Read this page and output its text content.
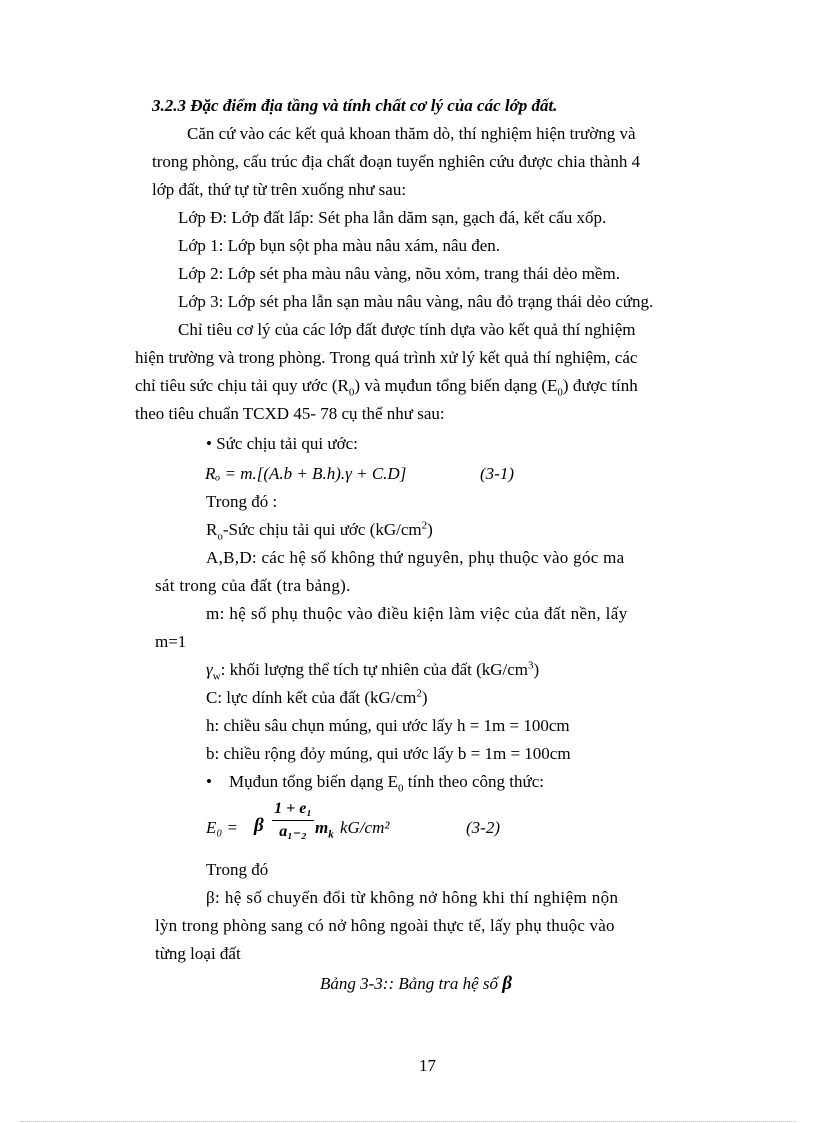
3.2.3 Đặc điểm địa tầng và tính chất cơ lý của các lớp đất.
Căn cứ vào các kết quả khoan thăm dò, thí nghiệm hiện trường và
trong phòng, cấu trúc địa chất đoạn tuyến nghiên cứu được chia thành 4
lớp đất, thứ tự từ trên xuống như sau:
Lớp Đ: Lớp đất lấp: Sét pha lẫn dăm sạn, gạch đá, kết cấu xốp.
Lớp 1: Lớp bụn sột pha màu nâu xám, nâu đen.
Lớp 2: Lớp sét pha màu nâu vàng, nõu xỏm, trang thái dẻo mềm.
Lớp 3: Lớp sét pha lẫn sạn màu nâu vàng, nâu đỏ trạng thái dẻo cứng.
Chỉ tiêu cơ lý của các lớp đất được tính dựa vào kết quả thí nghiệm
hiện trường và trong phòng. Trong quá trình xử lý kết quả thí nghiệm, các
chỉ tiêu sức chịu tải quy ước $(R_0)$ và mụđun tổng biến dạng $(E_0)$ được tính
theo tiêu chuẩn TCXD 45- 78 cụ thể như sau:
• Sức chịu tải qui ước:
Rₒ = m.[(A.b + B.h).γ + C.D]	(3-1)
Trong đó :
$R_o$-Sức chịu tải qui ước $(kG/cm^2)$
A,B,D: các hệ số không thứ nguyên, phụ thuộc vào góc ma
sát trong của đất (tra bảng).
m: hệ số phụ thuộc vào điều kiện làm việc của đất nền, lấy
m=1
$\gamma_w$: khối lượng thể tích tự nhiên của đất $(kG/cm^3)$
C: lực dính kết của đất $(kG/cm^2)$
h: chiều sâu chụn múng, qui ước lấy h = 1m = 100cm
b: chiều rộng đỏy múng, qui ước lấy b = 1m = 100cm
•    Mụđun tổng biến dạng $E_0$ tính theo công thức:
E₀ = β
1 + e₁
a₁₋₂ $m_k$ kG/cm²	(3-2)
Trong đó
β: hệ số chuyển đổi từ không nở hông khi thí nghiệm nộn
lỳn trong phòng sang có nở hông ngoài thực tế, lấy phụ thuộc vào
từng loại đất
Bảng 3-3:: Bảng tra hệ số β
17
